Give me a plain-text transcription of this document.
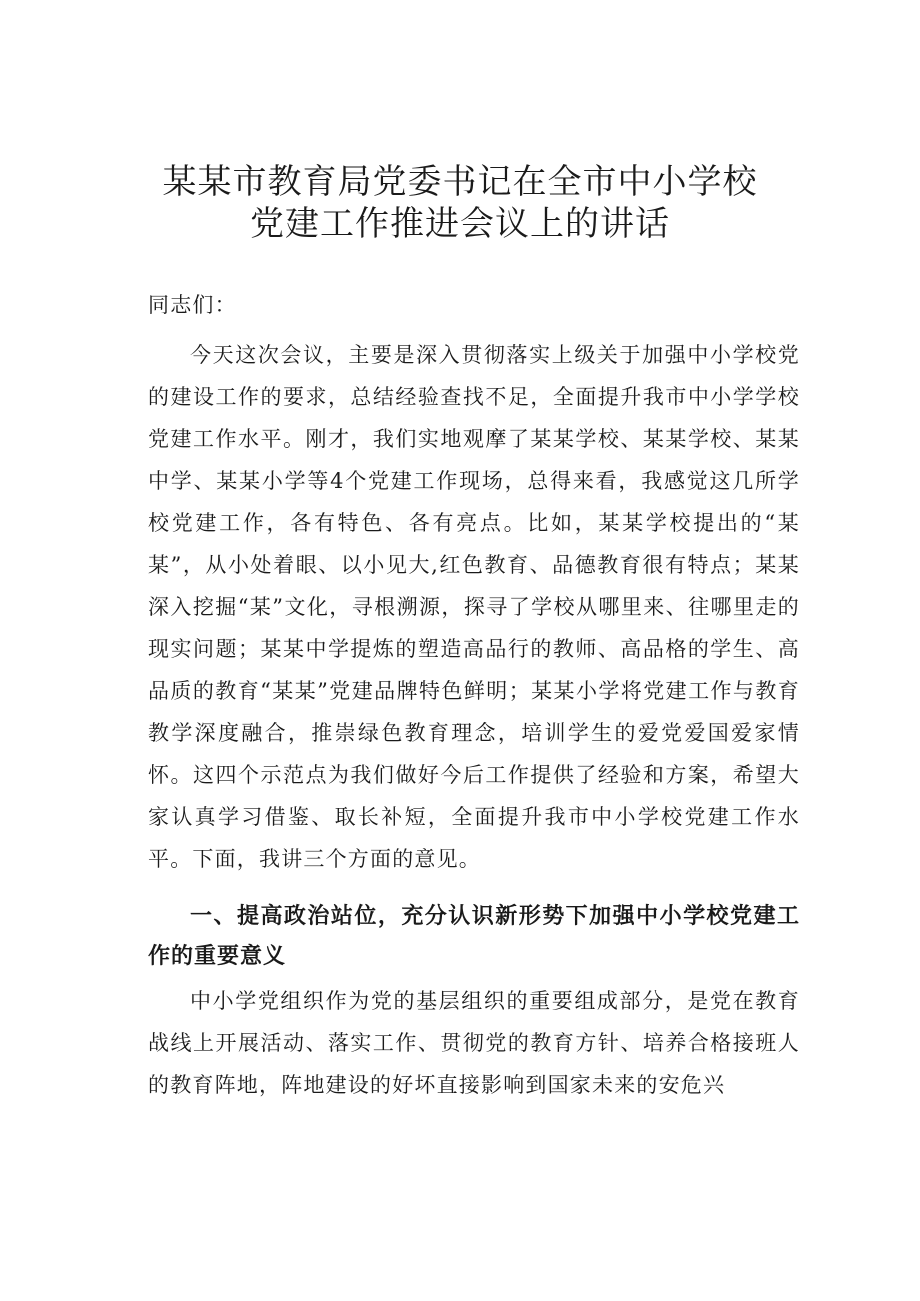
某某市教育局党委书记在全市中小学校
党建工作推进会议上的讲话

同志们：

今天这次会议，主要是深入贯彻落实上级关于加强中小学校党的建设工作的要求，总结经验查找不足，全面提升我市中小学学校党建工作水平。刚才，我们实地观摩了某某学校、某某学校、某某中学、某某小学等4个党建工作现场，总得来看，我感觉这几所学校党建工作，各有特色、各有亮点。比如，某某学校提出的“某某”，从小处着眼、以小见大,红色教育、品德教育很有特点；某某深入挖掘“某”文化，寻根溯源，探寻了学校从哪里来、往哪里走的现实问题；某某中学提炼的塑造高品行的教师、高品格的学生、高品质的教育“某某”党建品牌特色鲜明；某某小学将党建工作与教育教学深度融合，推崇绿色教育理念，培训学生的爱党爱国爱家情怀。这四个示范点为我们做好今后工作提供了经验和方案，希望大家认真学习借鉴、取长补短，全面提升我市中小学校党建工作水平。下面，我讲三个方面的意见。

一、提高政治站位，充分认识新形势下加强中小学校党建工作的重要意义

中小学党组织作为党的基层组织的重要组成部分，是党在教育战线上开展活动、落实工作、贯彻党的教育方针、培养合格接班人的教育阵地，阵地建设的好坏直接影响到国家未来的安危兴
